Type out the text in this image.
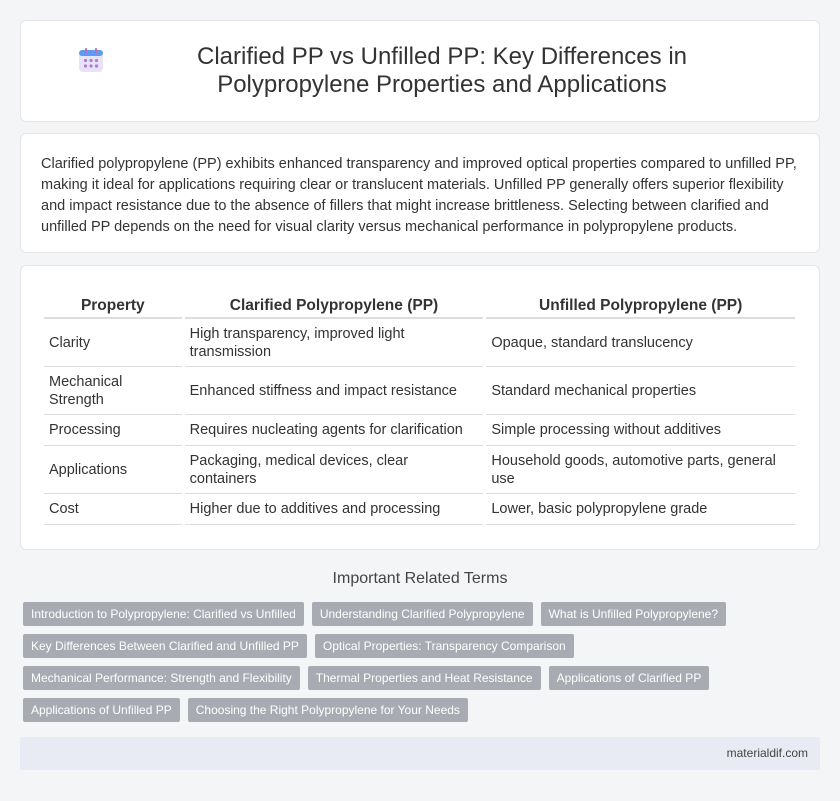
Clarified PP vs Unfilled PP: Key Differences in Polypropylene Properties and Applications

Clarified polypropylene (PP) exhibits enhanced transparency and improved optical properties compared to unfilled PP, making it ideal for applications requiring clear or translucent materials. Unfilled PP generally offers superior flexibility and impact resistance due to the absence of fillers that might increase brittleness. Selecting between clarified and unfilled PP depends on the need for visual clarity versus mechanical performance in polypropylene products.

Property	Clarified Polypropylene (PP)	Unfilled Polypropylene (PP)
Clarity	High transparency, improved light transmission	Opaque, standard translucency
Mechanical Strength	Enhanced stiffness and impact resistance	Standard mechanical properties
Processing	Requires nucleating agents for clarification	Simple processing without additives
Applications	Packaging, medical devices, clear containers	Household goods, automotive parts, general use
Cost	Higher due to additives and processing	Lower, basic polypropylene grade
Important Related Terms
Introduction to Polypropylene: Clarified vs Unfilled	Understanding Clarified Polypropylene	What is Unfilled Polypropylene?
Key Differences Between Clarified and Unfilled PP	Optical Properties: Transparency Comparison
Mechanical Performance: Strength and Flexibility	Thermal Properties and Heat Resistance	Applications of Clarified PP
Applications of Unfilled PP	Choosing the Right Polypropylene for Your Needs
materialdif.com
